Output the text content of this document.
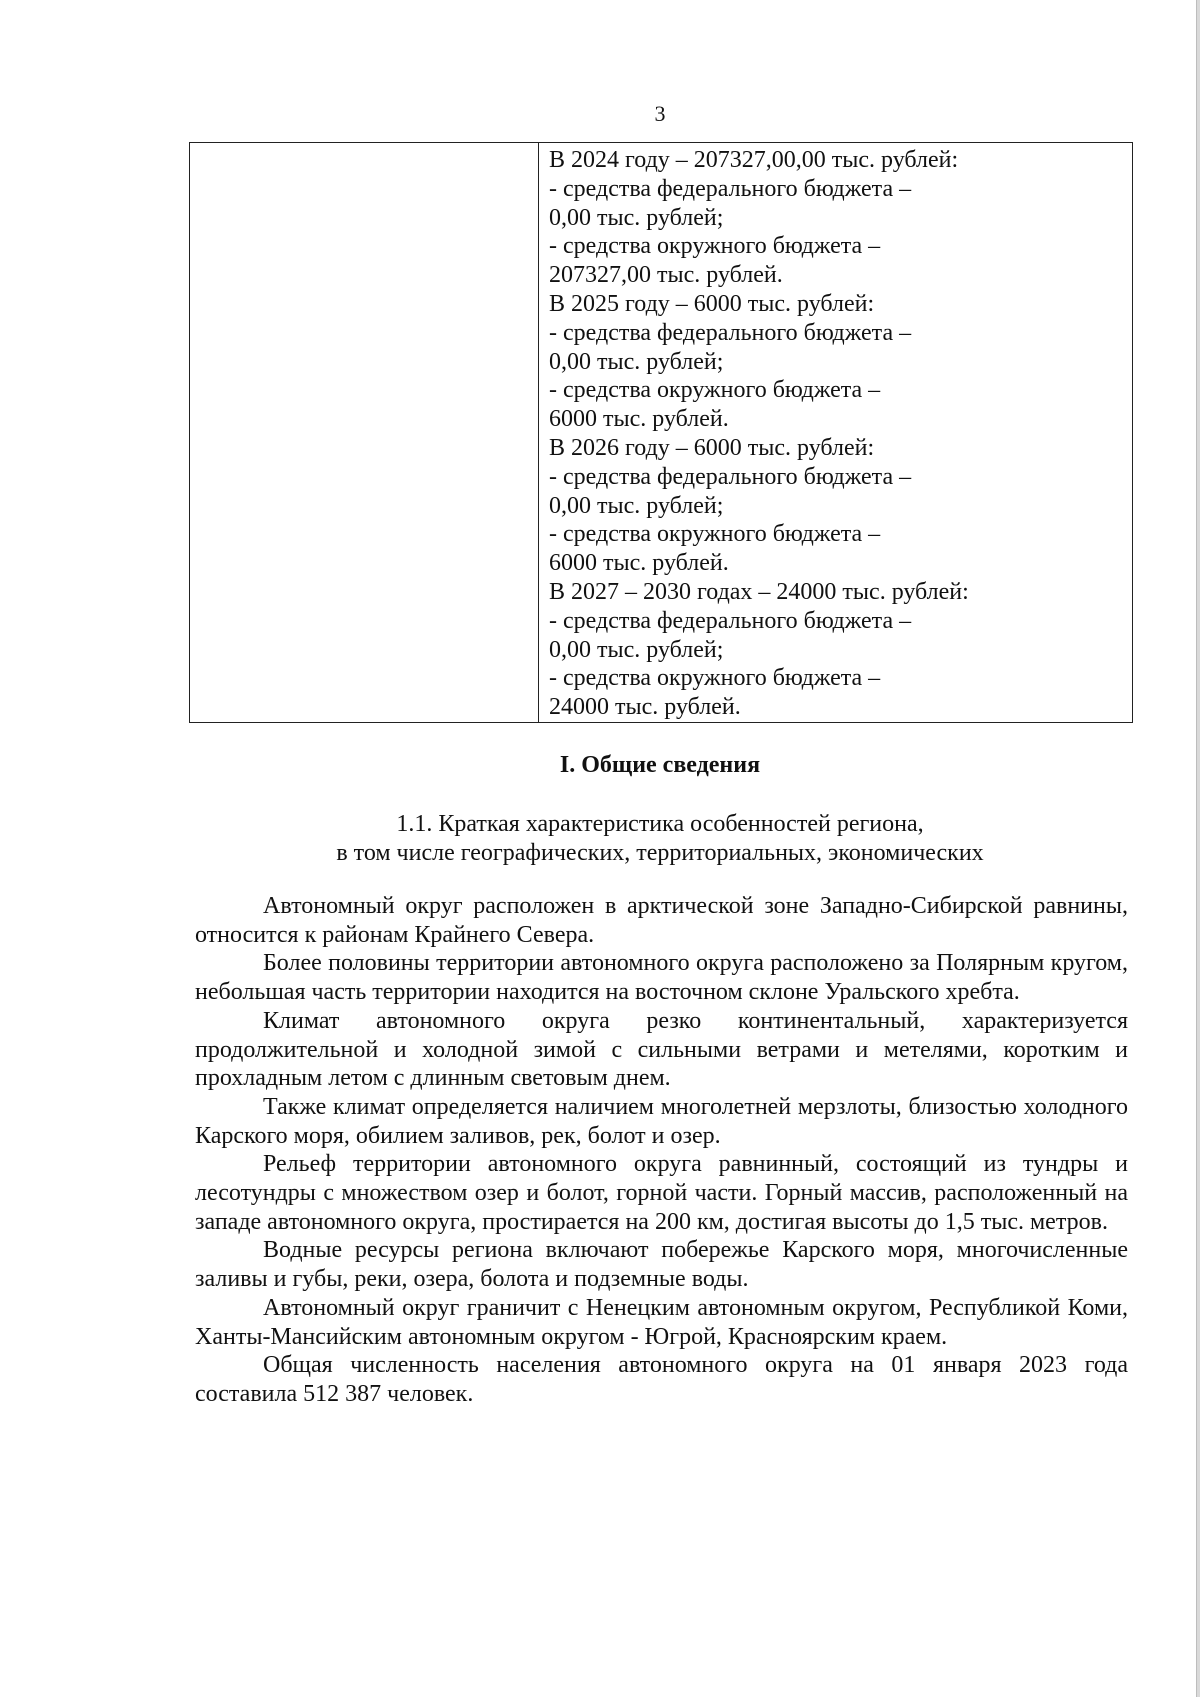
3

В 2024 году – 207327,00,00 тыс. рублей:
- средства федерального бюджета –
0,00 тыс. рублей;
- средства окружного бюджета –
207327,00 тыс. рублей.
В 2025 году – 6000 тыс. рублей:
- средства федерального бюджета –
0,00 тыс. рублей;
- средства окружного бюджета –
6000 тыс. рублей.
В 2026 году – 6000 тыс. рублей:
- средства федерального бюджета –
0,00 тыс. рублей;
- средства окружного бюджета –
6000 тыс. рублей.
В 2027 – 2030 годах – 24000 тыс. рублей:
- средства федерального бюджета –
0,00 тыс. рублей;
- средства окружного бюджета –
24000 тыс. рублей.
I. Общие сведения
1.1. Краткая характеристика особенностей региона,
в том числе географических, территориальных, экономических

Автономный округ расположен в арктической зоне Западно-Сибирской равнины, относится к районам Крайнего Севера.

Более половины территории автономного округа расположено за Полярным кругом, небольшая часть территории находится на восточном склоне Уральского хребта.

Климат автономного округа резко континентальный, характеризуется продолжительной и холодной зимой с сильными ветрами и метелями, коротким и прохладным летом с длинным световым днем.

Также климат определяется наличием многолетней мерзлоты, близостью холодного Карского моря, обилием заливов, рек, болот и озер.

Рельеф территории автономного округа равнинный, состоящий из тундры и лесотундры с множеством озер и болот, горной части. Горный массив, расположенный на западе автономного округа, простирается на 200 км, достигая высоты до 1,5 тыс. метров.

Водные ресурсы региона включают побережье Карского моря, многочисленные заливы и губы, реки, озера, болота и подземные воды.

Автономный округ граничит с Ненецким автономным округом, Республикой Коми, Ханты-Мансийским автономным округом - Югрой, Красноярским краем.

Общая численность населения автономного округа на 01 января 2023 года составила 512 387 человек.
